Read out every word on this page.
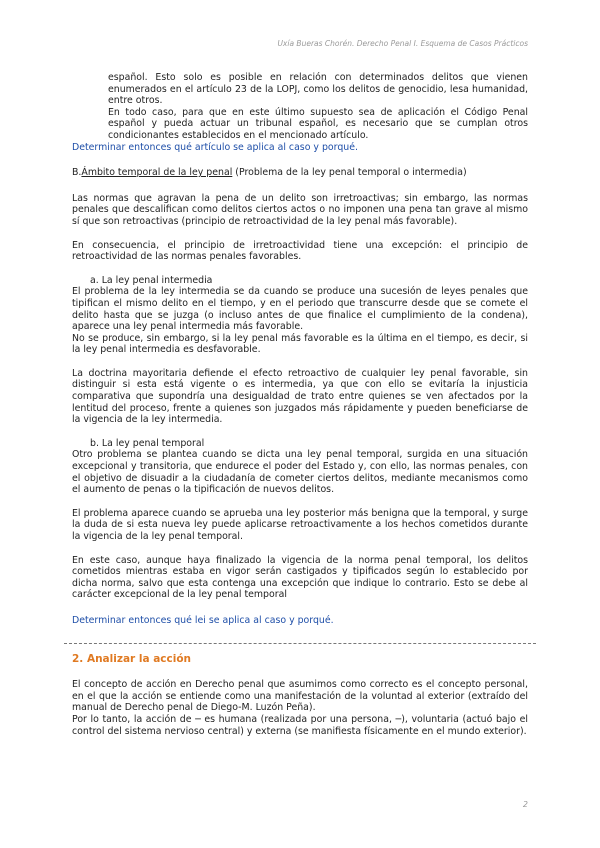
Uxía Bueras Chorén. Derecho Penal I. Esquema de Casos Prácticos

español. Esto solo es posible en relación con determinados delitos que vienen enumerados en el artículo 23 de la LOPJ, como los delitos de genocidio, lesa humanidad, entre otros.

En todo caso, para que en este último supuesto sea de aplicación el Código Penal español y pueda actuar un tribunal español, es necesario que se cumplan otros condicionantes establecidos en el mencionado artículo.

Determinar entonces qué artículo se aplica al caso y porqué.

B.Ámbito temporal de la ley penal (Problema de la ley penal temporal o intermedia)

Las normas que agravan la pena de un delito son irretroactivas; sin embargo, las normas penales que descalifican como delitos ciertos actos o no imponen una pena tan grave al mismo sí que son retroactivas (principio de retroactividad de la ley penal más favorable).

En consecuencia, el principio de irretroactividad tiene una excepción: el principio de retroactividad de las normas penales favorables.

a. La ley penal intermedia

El problema de la ley intermedia se da cuando se produce una sucesión de leyes penales que tipifican el mismo delito en el tiempo, y en el periodo que transcurre desde que se comete el delito hasta que se juzga (o incluso antes de que finalice el cumplimiento de la condena), aparece una ley penal intermedia más favorable.

No se produce, sin embargo, si la ley penal más favorable es la última en el tiempo, es decir, si la ley penal intermedia es desfavorable.

La doctrina mayoritaria defiende el efecto retroactivo de cualquier ley penal favorable, sin distinguir si esta está vigente o es intermedia, ya que con ello se evitaría la injusticia comparativa que supondría una desigualdad de trato entre quienes se ven afectados por la lentitud del proceso, frente a quienes son juzgados más rápidamente y pueden beneficiarse de la vigencia de la ley intermedia.

b. La ley penal temporal

Otro problema se plantea cuando se dicta una ley penal temporal, surgida en una situación excepcional y transitoria, que endurece el poder del Estado y, con ello, las normas penales, con el objetivo de disuadir a la ciudadanía de cometer ciertos delitos, mediante mecanismos como el aumento de penas o la tipificación de nuevos delitos.

El problema aparece cuando se aprueba una ley posterior más benigna que la temporal, y surge la duda de si esta nueva ley puede aplicarse retroactivamente a los hechos cometidos durante la vigencia de la ley penal temporal.

En este caso, aunque haya finalizado la vigencia de la norma penal temporal, los delitos cometidos mientras estaba en vigor serán castigados y tipificados según lo establecido por dicha norma, salvo que esta contenga una excepción que indique lo contrario. Esto se debe al carácter excepcional de la ley penal temporal

Determinar entonces qué lei se aplica al caso y porqué.

2. Analizar la acción

El concepto de acción en Derecho penal que asumimos como correcto es el concepto personal, en el que la acción se entiende como una manifestación de la voluntad al exterior (extraído del manual de Derecho penal de Diego-M. Luzón Peña).

Por lo tanto, la acción de ─ es humana (realizada por una persona, ─), voluntaria (actuó bajo el control del sistema nervioso central) y externa (se manifiesta físicamente en el mundo exterior).

2
